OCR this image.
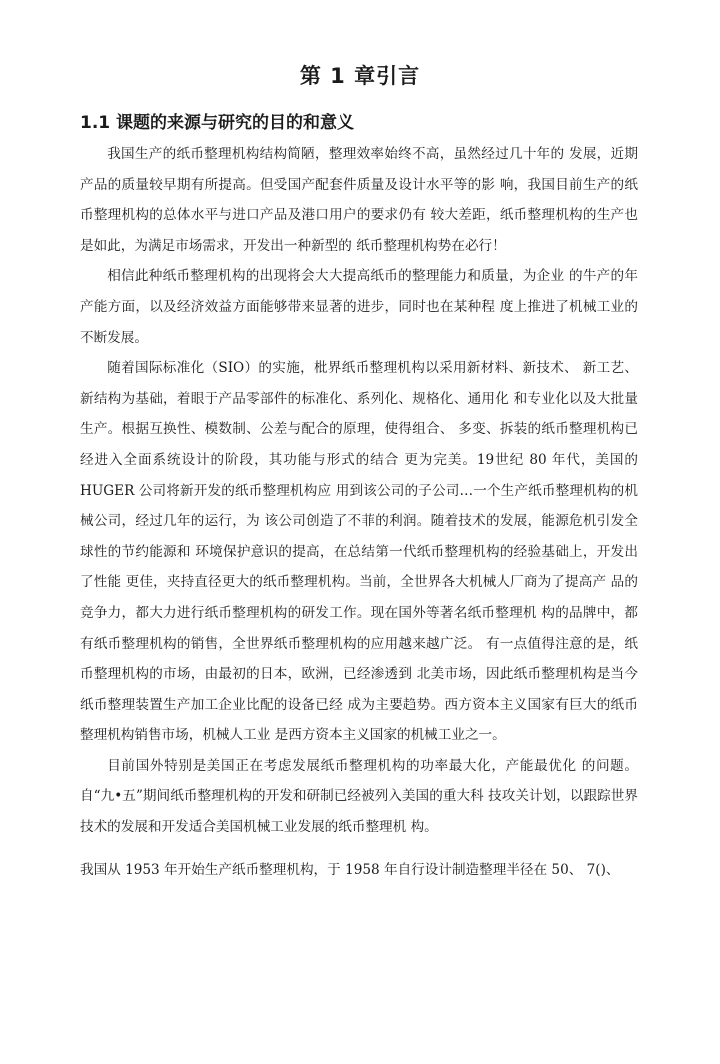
第 1 章引言
1.1 课题的来源与研究的目的和意义

我国生产的纸币整理机构结构简陋，整理效率始终不高，虽然经过几十年的 发展，近期产品的质量较早期有所提高。但受国产配套件质量及设计水平等的影 响，我国目前生产的纸币整理机构的总体水平与进口产品及港口用户的要求仍有 较大差距，纸币整理机构的生产也是如此，为满足市场需求，开发出一种新型的 纸币整理机构势在必行！

相信此种纸币整理机构的出现将会大大提高纸币的整理能力和质量，为企业 的牛产的年产能方面，以及经济效益方面能够带来显著的进步，同时也在某种程 度上推进了机械工业的不断发展。

随着国际标准化（SIO）的实施，枇界纸币整理机构以采用新材料、新技术、 新工艺、新结构为基础，着眼于产品零部件的标准化、系列化、规格化、通用化 和专业化以及大批量生产。根据互换性、模数制、公差与配合的原理，使得组合、 多变、拆装的纸币整理机构已经进入全面系统设计的阶段，其功能与形式的结合 更为完美。19世纪 80 年代，美国的 HUGER 公司将新开发的纸币整理机构应 用到该公司的子公司…一个生产纸币整理机构的机械公司，经过几年的运行，为 该公司创造了不菲的利润。随着技术的发展，能源危机引发全球性的节约能源和 环境保护意识的提高，在总结第一代纸币整理机构的经验基础上，开发出了性能 更佳，夹持直径更大的纸币整理机构。当前，全世界各大机械人厂商为了提高产 品的竞争力，都大力进行纸币整理机构的研发工作。现在国外等著名纸币整理机 构的品牌中，都有纸币整理机构的销售，全世界纸币整理机构的应用越来越广泛。 有一点值得注意的是，纸币整理机构的市场，由最初的日本，欧洲，已经渗透到 北美市场，因此纸币整理机构是当今纸币整理装置生产加工企业比配的设备已经 成为主要趋势。西方资本主义国家有巨大的纸币整理机构销售市场，机械人工业 是西方资本主义国家的机械工业之一。

目前国外特别是美国正在考虑发展纸币整理机构的功率最大化，产能最优化 的问题。自“九•五”期间纸币整理机构的开发和研制已经被列入美国的重大科 技攻关计划，以跟踪世界技术的发展和开发适合美国机械工业发展的纸币整理机 构。

我国从 1953 年开始生产纸币整理机构，于 1958 年自行设计制造整理半径在 50、 7()、
